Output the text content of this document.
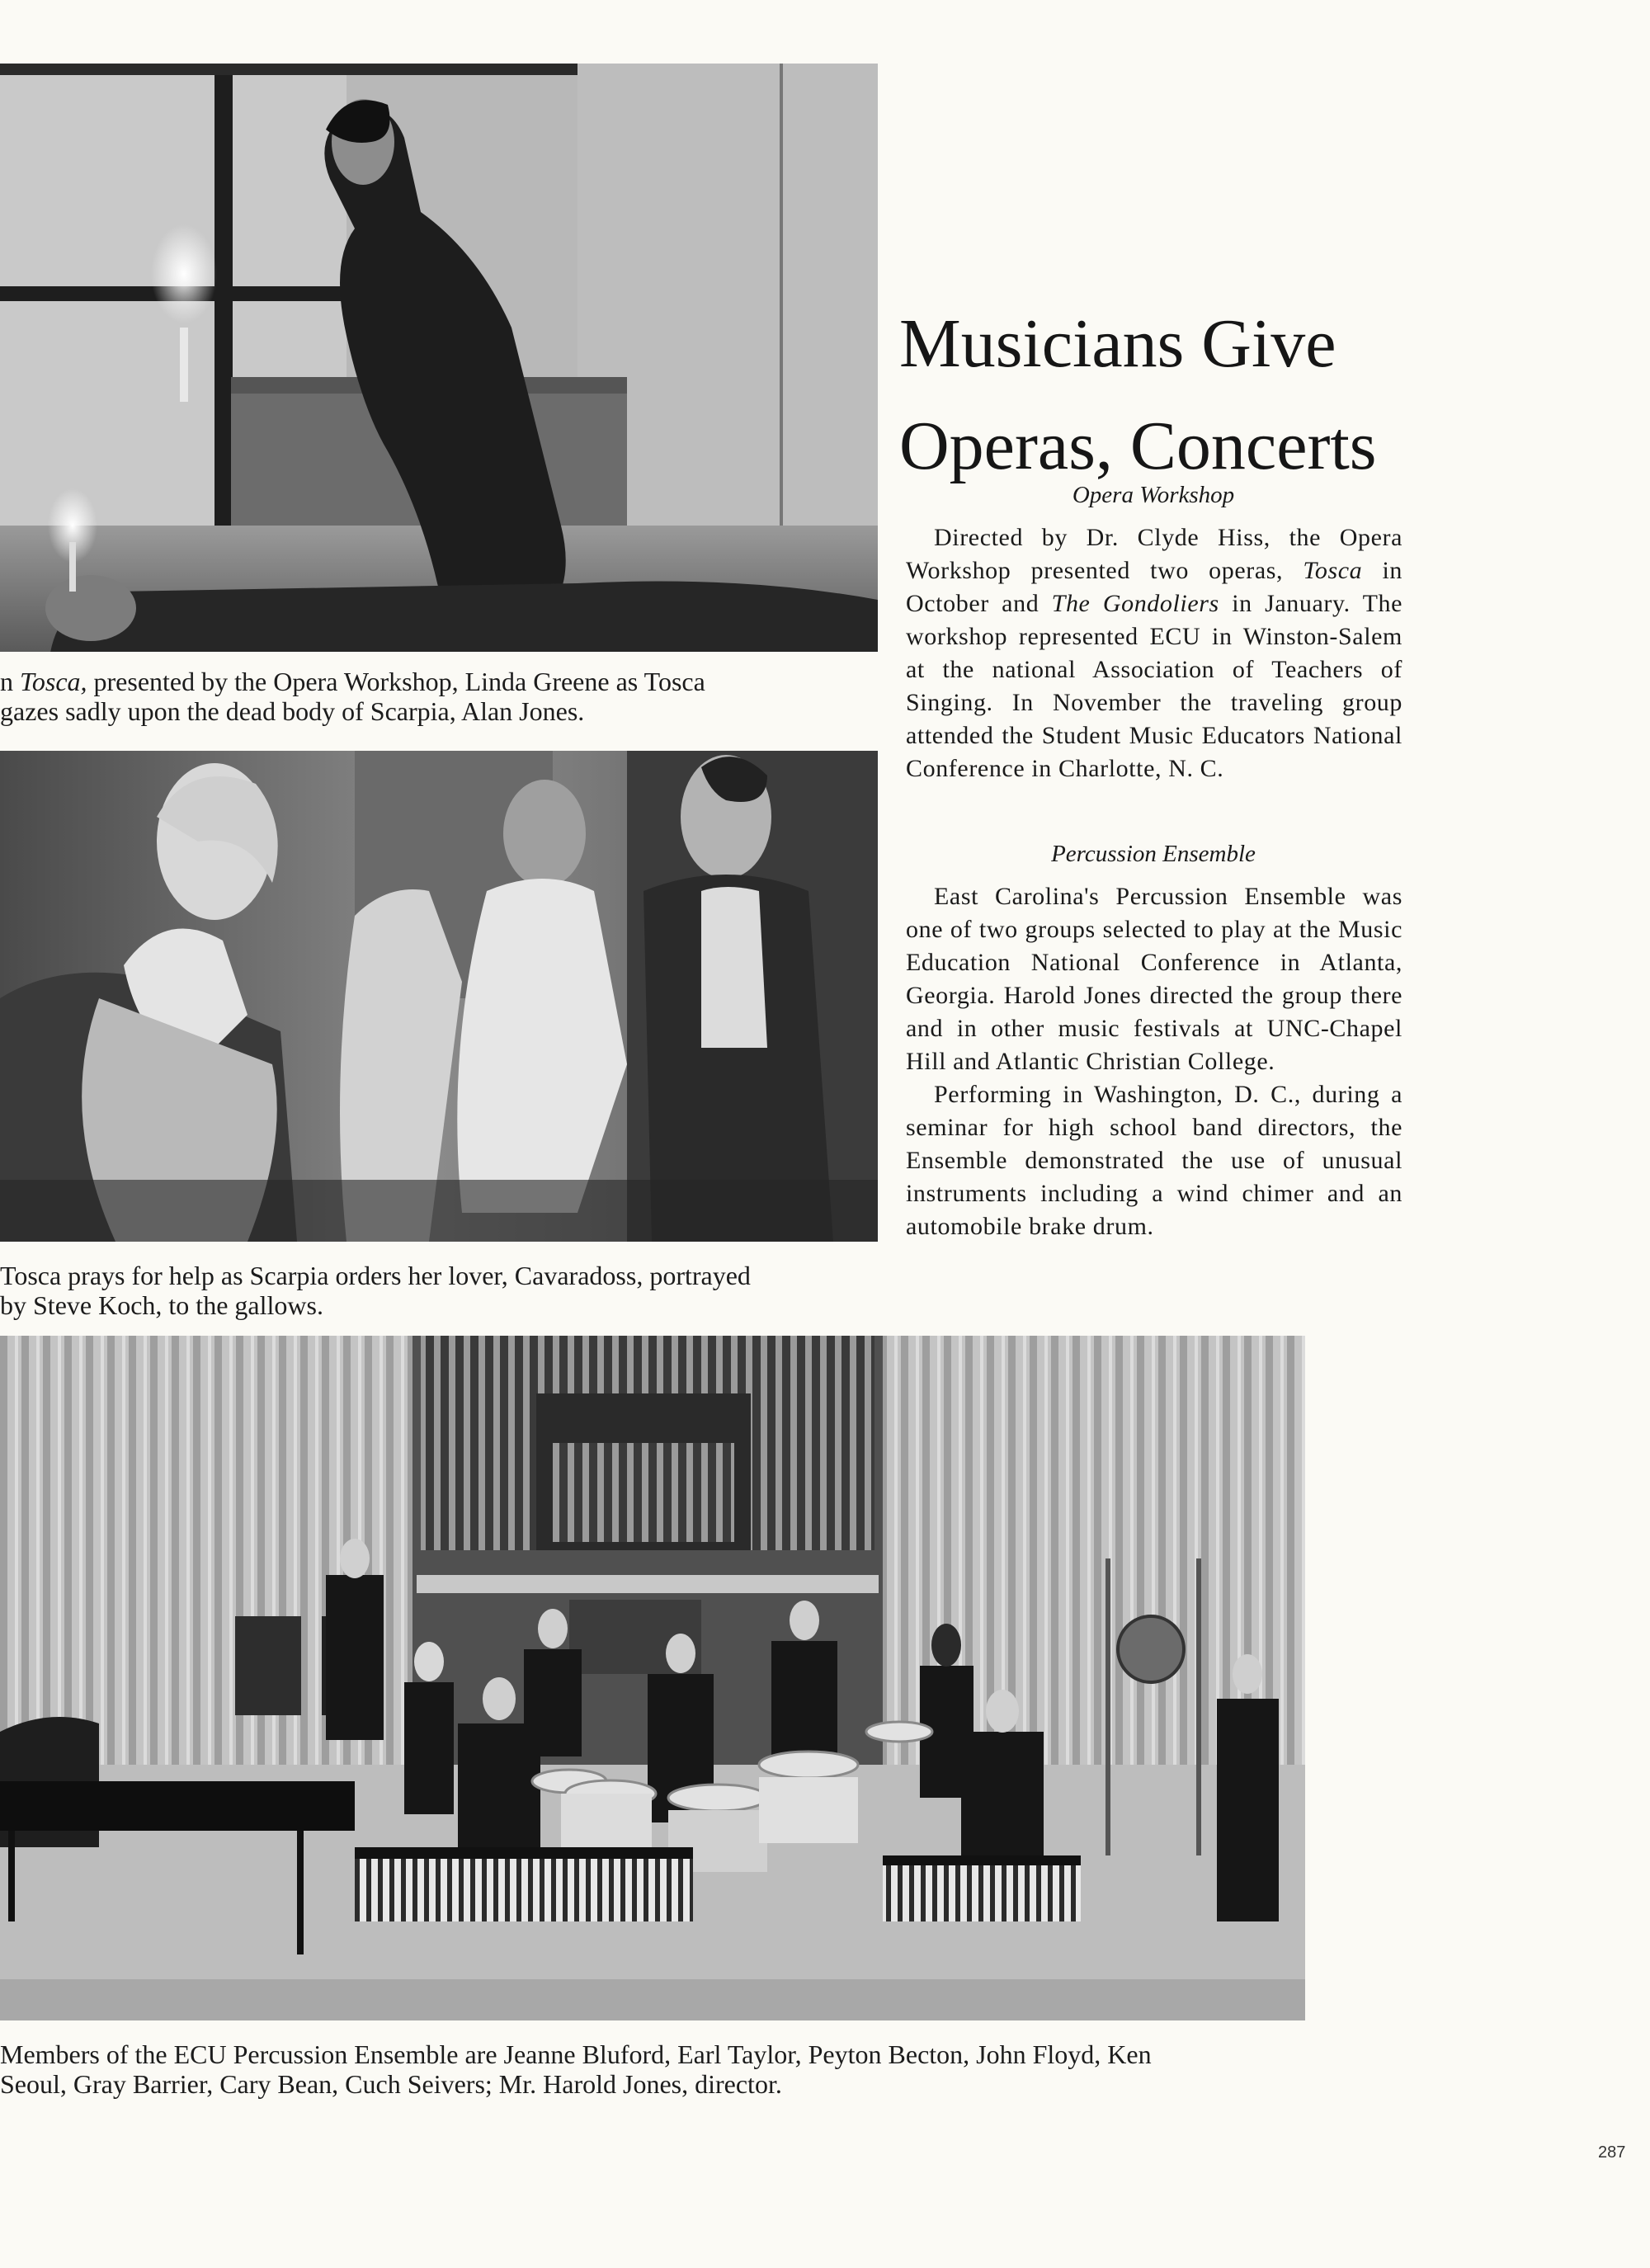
n Tosca, presented by the Opera Workshop, Linda Greene as Tosca
gazes sadly upon the dead body of Scarpia, Alan Jones.
Tosca prays for help as Scarpia orders her lover, Cavaradoss, portrayed
by Steve Koch, to the gallows.
Members of the ECU Percussion Ensemble are Jeanne Bluford, Earl Taylor, Peyton Becton, John Floyd, Ken
Seoul, Gray Barrier, Cary Bean, Cuch Seivers; Mr. Harold Jones, director.
Musicians Give
Operas, Concerts
Opera Workshop

Directed by Dr. Clyde Hiss, the Opera Workshop presented two operas, Tosca in October and The Gondoliers in January. The workshop represented ECU in Winston-Salem at the national Association of Teachers of Singing. In November the traveling group attended the Student Music Educators National Conference in Charlotte, N. C.

Percussion Ensemble

East Carolina's Percussion Ensemble was one of two groups selected to play at the Music Education National Conference in Atlanta, Georgia. Harold Jones directed the group there and in other music festivals at UNC-Chapel Hill and Atlantic Christian College.

Performing in Washington, D. C., during a seminar for high school band directors, the Ensemble demonstrated the use of unusual instruments including a wind chimer and an automobile brake drum.

287
